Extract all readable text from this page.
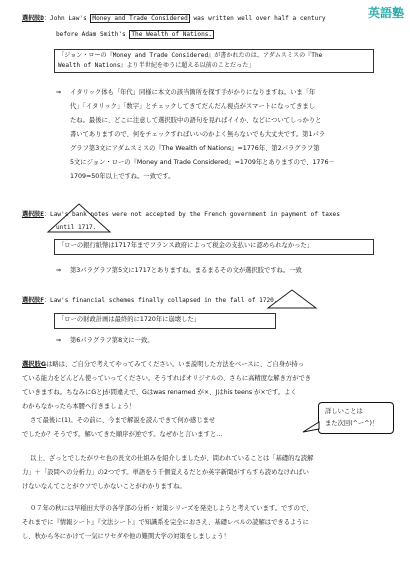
英語塾
選択肢D：John Law's Money and Trade Considered was written well over half a century
before Adam Smith's The Wealth of Nations.
「ジョン・ローの『Money and Trade Considered』が書かれたのは、アダムスミスの『The
Wealth of Nations』より半世紀をゆうに超える以前のことだった」
⇒ イタリック体も「年代」同様に本文の該当箇所を探す手がかりになりますね。いま「年
代」「イタリック」「数字」とチェックしてきてだんだん視点がスマートになってきまし
たね。最後に、どこに注意して選択肢中の語句を見ればイイか、などについてしっかりと
書いてありますので、何をチェックすればいいのかよく無らないでも大丈夫です。第1パラ
グラフ第3文にアダムスミスの『The Wealth of Nations』=1776年、第2パラグラフ第
5文にジョン・ローの『Money and Trade Considered』=1709年とありますので、1776－
1709=50年以上ですね。一致です。
選択肢E：Law's bank notes were not accepted by the French government in payment of taxes
until 1717.
「ローの銀行紙幣は1717年までフランス政府によって税金の支払いに認められなかった」
⇒ 第3パラグラフ第5文に1717とありますね。まるまるその文が選択肢ですね。一致
選択肢F：Law's financial schemes finally collapsed in the fall of 1720.
「ローの財政計画は最終的に1720年に崩壊した」
⇒ 第6パラグラフ第8文に一致。
選択肢Gは略は、ご自分で考えてやってみてください。いま説明した方法をベースに、ご自身が持っ
ている能力をどんどん使っていってください。そうすればオリジナルの、さらに高精度な解き方ができ
ていきますね。ちなみにGとJが間違えで、Gはwas renamed が×、Jはhis teens が×です。よく
わからなかったら本腰へ行きましょう！
さて最後に(1)。その前に、今まで解説を読んできて何か感じませ
でしたか？そうです。解いてきた順序が逆です。なぜかと言いますと…
詳しいことは
また次回(^ー^)！
以上、ざっとでしたがワセ也の長文の仕組みを紹介しましたが、問われていることは「基礎的な読解
力」＋「設問への分析力」の2つです。単語をう千個覚えるだとか英字新聞がすらすら読めなければい
けないなんてことがウソでしかないことがわかりますね。
０７年の秋には早稲田大学の各学部の分析・対策シリーズを発売しようと考えています。ですので、
それまでに『情報シート』『文法シート』で知識系を完全におさえ、基礎レベルの読解はできるように
し、秋から冬にかけて一気にワセダや他の難関大学の対策をしましょう！
